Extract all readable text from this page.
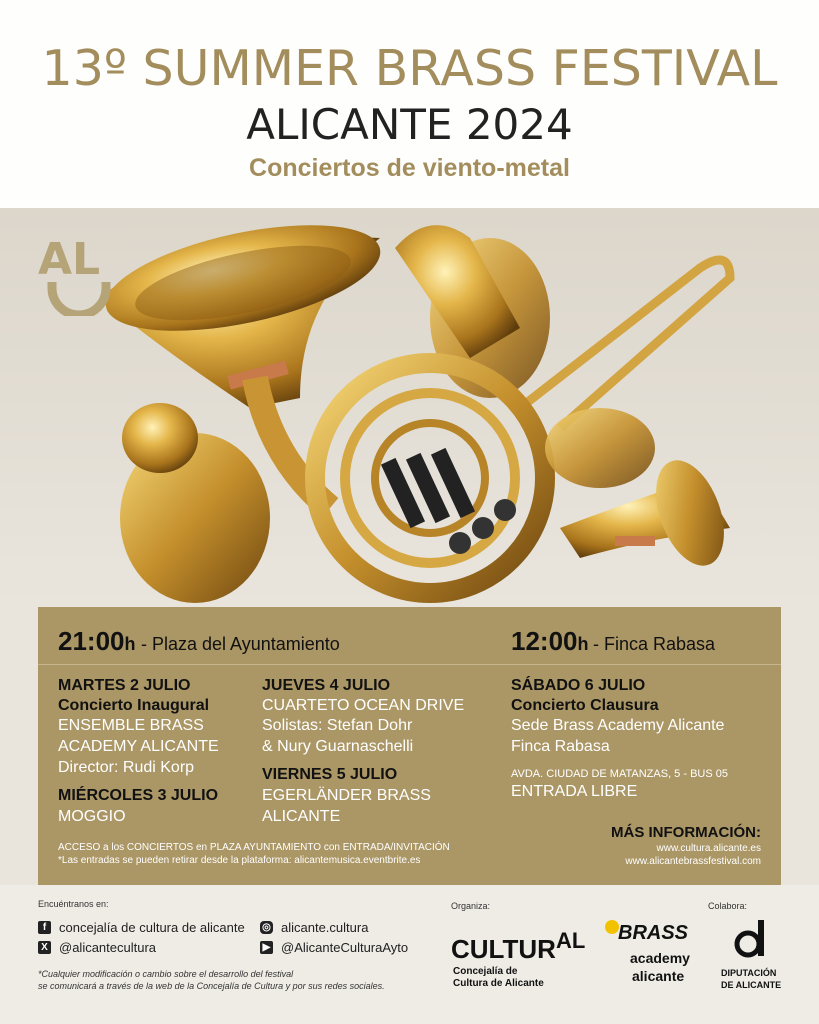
13º SUMMER BRASS FESTIVAL
ALICANTE 2024
Conciertos de viento-metal
AL
21:00h - Plaza del Ayuntamiento	12:00h - Finca Rabasa
MARTES 2 JULIO
Concierto Inaugural
ENSEMBLE BRASS
ACADEMY ALICANTE
Director: Rudi Korp
MIÉRCOLES 3 JULIO
MOGGIO
JUEVES 4 JULIO
CUARTETO OCEAN DRIVE
Solistas: Stefan Dohr
& Nury Guarnaschelli
VIERNES 5 JULIO
EGERLÄNDER BRASS
ALICANTE
SÁBADO 6 JULIO
Concierto Clausura
Sede Brass Academy Alicante
Finca Rabasa
AVDA. CIUDAD DE MATANZAS, 5 - BUS 05
ENTRADA LIBRE
ACCESO a los CONCIERTOS en PLAZA AYUNTAMIENTO con ENTRADA/INVITACIÓN
*Las entradas se pueden retirar desde la plataforma: alicantemusica.eventbrite.es
MÁS INFORMACIÓN:
www.cultura.alicante.es
www.alicantebrassfestival.com
Encuéntranos en:
f concejalía de cultura de alicante
X @alicantecultura
◎ alicante.cultura
▶ @AlicanteCulturaAyto
*Cualquier modificación o cambio sobre el desarrollo del festival
se comunicará a través de la web de la Concejalía de Cultura y por sus redes sociales.
Organiza:
$CULTUR^{AL}$
Concejalía de
Cultura de Alicante
BRASS
academy
alicante
Colabora:
DIPUTACIÓN
DE ALICANTE
